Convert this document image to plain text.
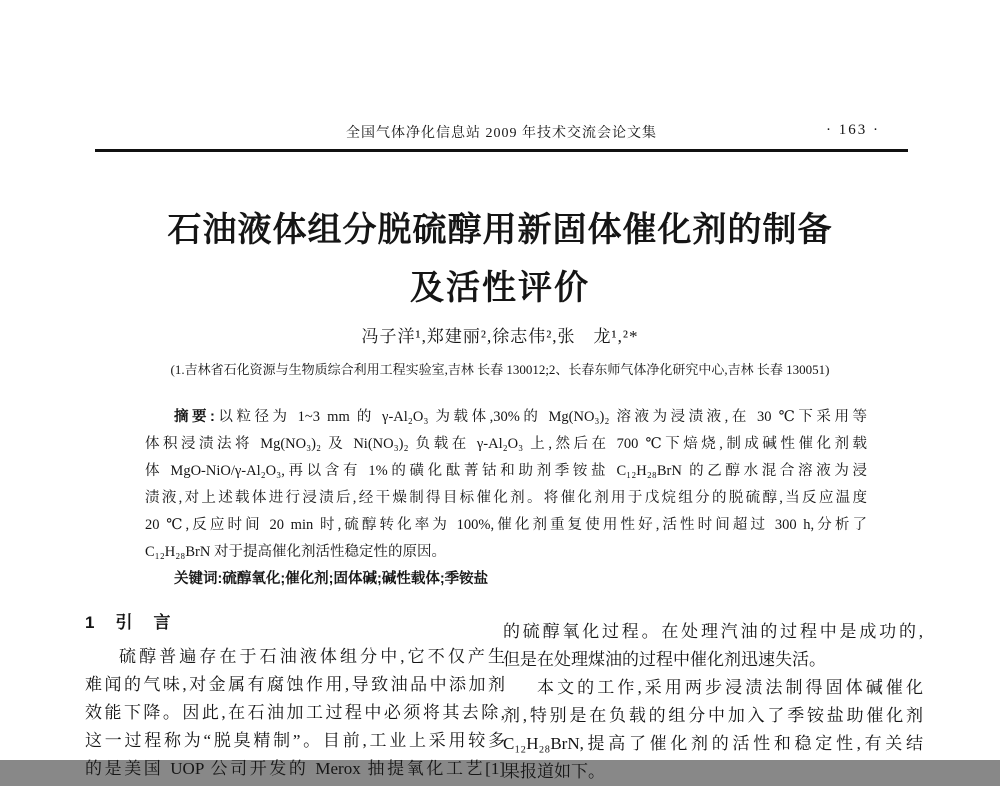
全国气体净化信息站 2009 年技术交流会论文集	· 163 ·
石油液体组分脱硫醇用新固体催化剂的制备
及活性评价
冯子洋¹,郑建丽²,徐志伟²,张　龙¹,²*
(1.吉林省石化资源与生物质综合利用工程实验室,吉林 长春 130012;2、长春东师气体净化研究中心,吉林 长春 130051)
摘要:以粒径为 1~3 mm 的 γ-Al₂O₃ 为载体,30%的 Mg(NO₃)₂ 溶液为浸渍液,在 30 ℃下采用等
体积浸渍法将 Mg(NO₃)₂ 及 Ni(NO₃)₂ 负载在 γ-Al₂O₃ 上,然后在 700 ℃下焙烧,制成碱性催化剂载
体 MgO-NiO/γ-Al₂O₃,再以含有 1%的磺化酞菁钴和助剂季铵盐 C₁₂H₂₈BrN 的乙醇水混合溶液为浸
渍液,对上述载体进行浸渍后,经干燥制得目标催化剂。将催化剂用于戊烷组分的脱硫醇,当反应温度
20 ℃,反应时间 20 min 时,硫醇转化率为 100%,催化剂重复使用性好,活性时间超过 300 h,分析了
C₁₂H₂₈BrN 对于提高催化剂活性稳定性的原因。
关键词:硫醇氧化;催化剂;固体碱;碱性载体;季铵盐
1　引　言
硫醇普遍存在于石油液体组分中,它不仅产生
难闻的气味,对金属有腐蚀作用,导致油品中添加剂
效能下降。因此,在石油加工过程中必须将其去除,
这一过程称为“脱臭精制”。目前,工业上采用较多
的是美国 UOP 公司开发的 Merox 抽提氧化工艺[1]
的硫醇氧化过程。在处理汽油的过程中是成功的,
但是在处理煤油的过程中催化剂迅速失活。
本文的工作,采用两步浸渍法制得固体碱催化
剂,特别是在负载的组分中加入了季铵盐助催化剂
C₁₂H₂₈BrN,提高了催化剂的活性和稳定性,有关结
果报道如下。
